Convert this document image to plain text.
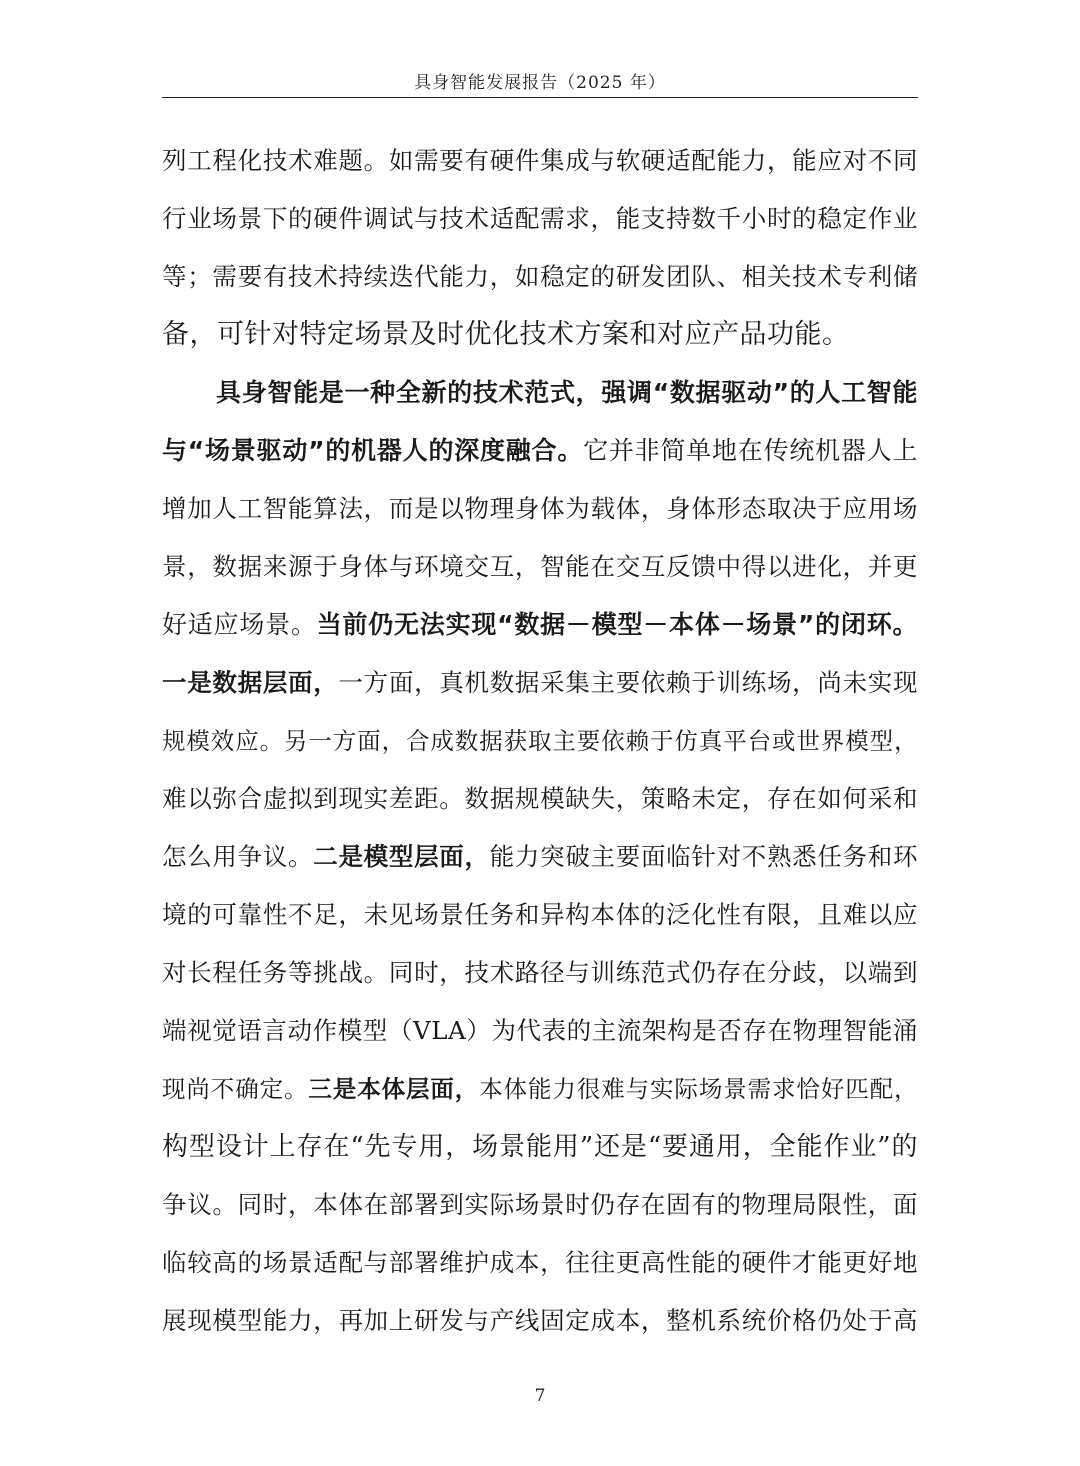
具身智能发展报告（2025 年）
列工程化技术难题。如需要有硬件集成与软硬适配能力，能应对不同
行业场景下的硬件调试与技术适配需求，能支持数千小时的稳定作业
等；需要有技术持续迭代能力，如稳定的研发团队、相关技术专利储
备，可针对特定场景及时优化技术方案和对应产品功能。
具身智能是一种全新的技术范式，强调“数据驱动”的人工智能
与“场景驱动”的机器人的深度融合。它并非简单地在传统机器人上
增加人工智能算法，而是以物理身体为载体，身体形态取决于应用场
景，数据来源于身体与环境交互，智能在交互反馈中得以进化，并更
好适应场景。当前仍无法实现“数据－模型－本体－场景”的闭环。
一是数据层面，一方面，真机数据采集主要依赖于训练场，尚未实现
规模效应。另一方面，合成数据获取主要依赖于仿真平台或世界模型，
难以弥合虚拟到现实差距。数据规模缺失，策略未定，存在如何采和
怎么用争议。二是模型层面，能力突破主要面临针对不熟悉任务和环
境的可靠性不足，未见场景任务和异构本体的泛化性有限，且难以应
对长程任务等挑战。同时，技术路径与训练范式仍存在分歧，以端到
端视觉语言动作模型（VLA）为代表的主流架构是否存在物理智能涌
现尚不确定。三是本体层面，本体能力很难与实际场景需求恰好匹配，
构型设计上存在“先专用，场景能用”还是“要通用，全能作业”的
争议。同时，本体在部署到实际场景时仍存在固有的物理局限性，面
临较高的场景适配与部署维护成本，往往更高性能的硬件才能更好地
展现模型能力，再加上研发与产线固定成本，整机系统价格仍处于高
7
